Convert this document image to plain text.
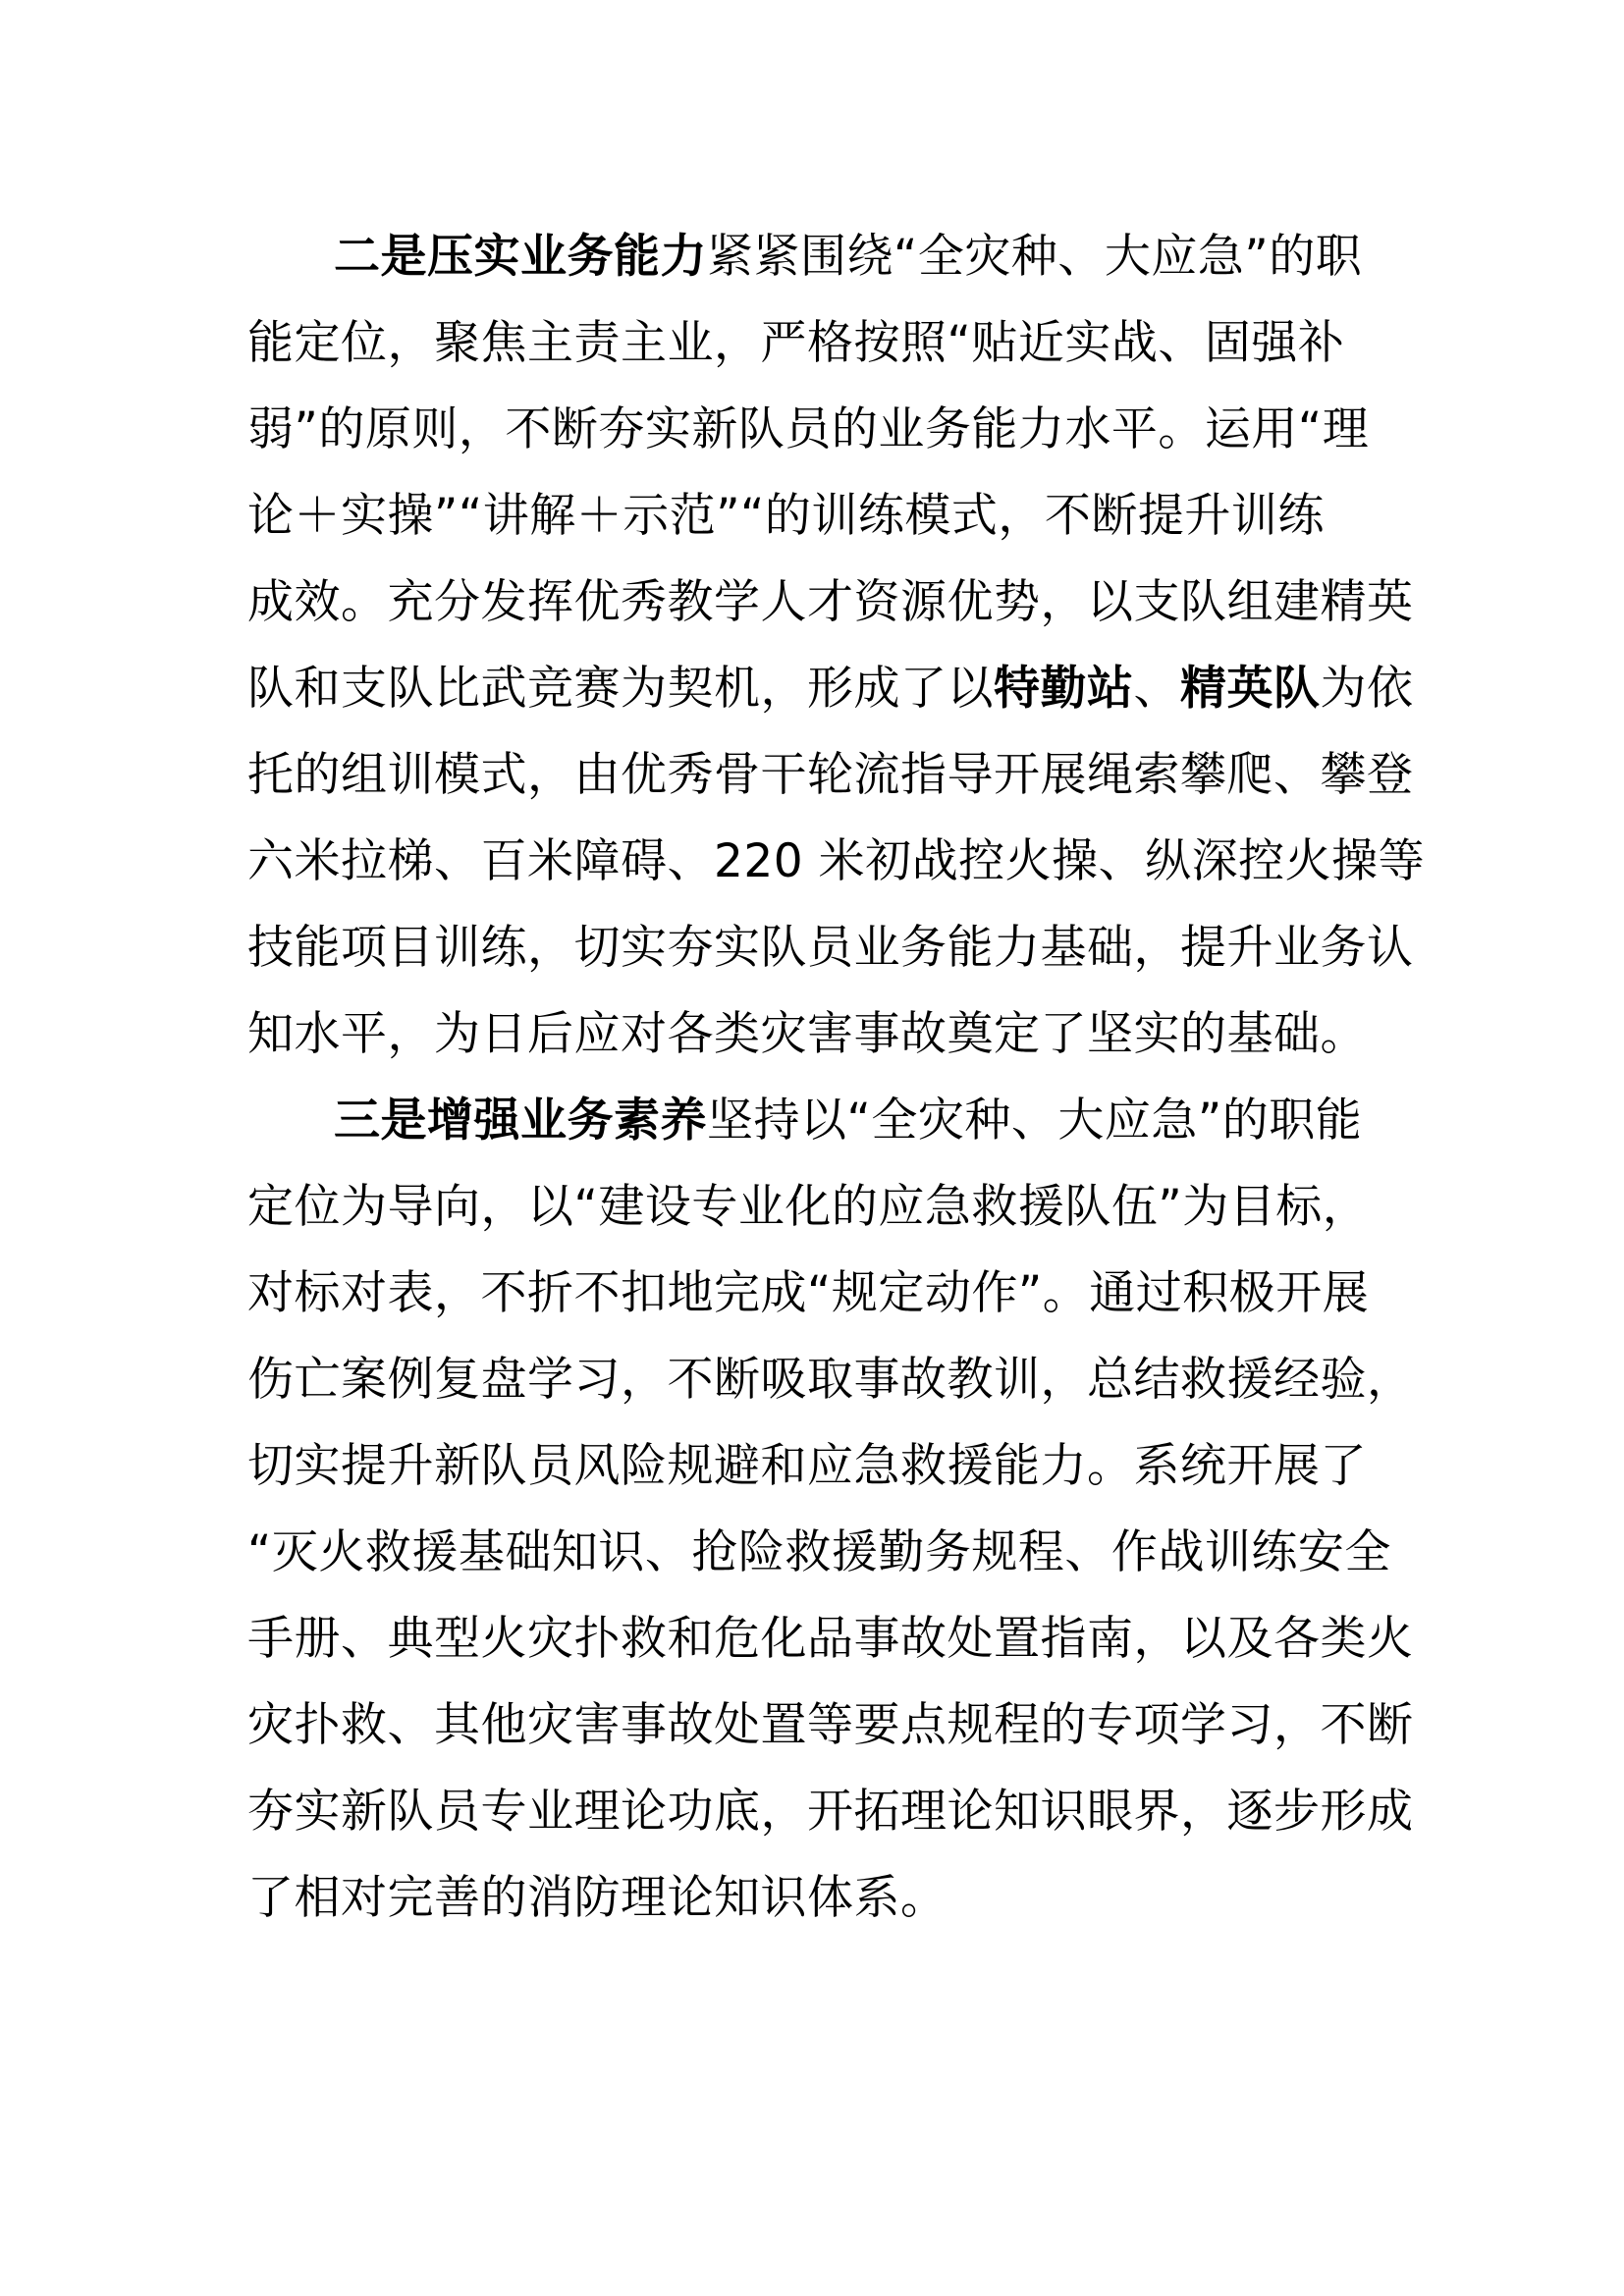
二是压实业务能力紧紧围绕“全灾种、大应急”的职

能定位，聚焦主责主业，严格按照“贴近实战、固强补

弱”的原则，不断夯实新队员的业务能力水平。运用“理

论＋实操”“讲解＋示范”“的训练模式，不断提升训练

成效。充分发挥优秀教学人才资源优势，以支队组建精英

队和支队比武竞赛为契机，形成了以特勤站、精英队为依

托的组训模式，由优秀骨干轮流指导开展绳索攀爬、攀登

六米拉梯、百米障碍、220 米初战控火操、纵深控火操等

技能项目训练，切实夯实队员业务能力基础，提升业务认

知水平，为日后应对各类灾害事故奠定了坚实的基础。

三是增强业务素养坚持以“全灾种、大应急”的职能

定位为导向，以“建设专业化的应急救援队伍”为目标，

对标对表，不折不扣地完成“规定动作”。通过积极开展

伤亡案例复盘学习，不断吸取事故教训，总结救援经验，

切实提升新队员风险规避和应急救援能力。系统开展了

“灭火救援基础知识、抢险救援勤务规程、作战训练安全

手册、典型火灾扑救和危化品事故处置指南，以及各类火

灾扑救、其他灾害事故处置等要点规程的专项学习，不断

夯实新队员专业理论功底，开拓理论知识眼界，逐步形成

了相对完善的消防理论知识体系。
